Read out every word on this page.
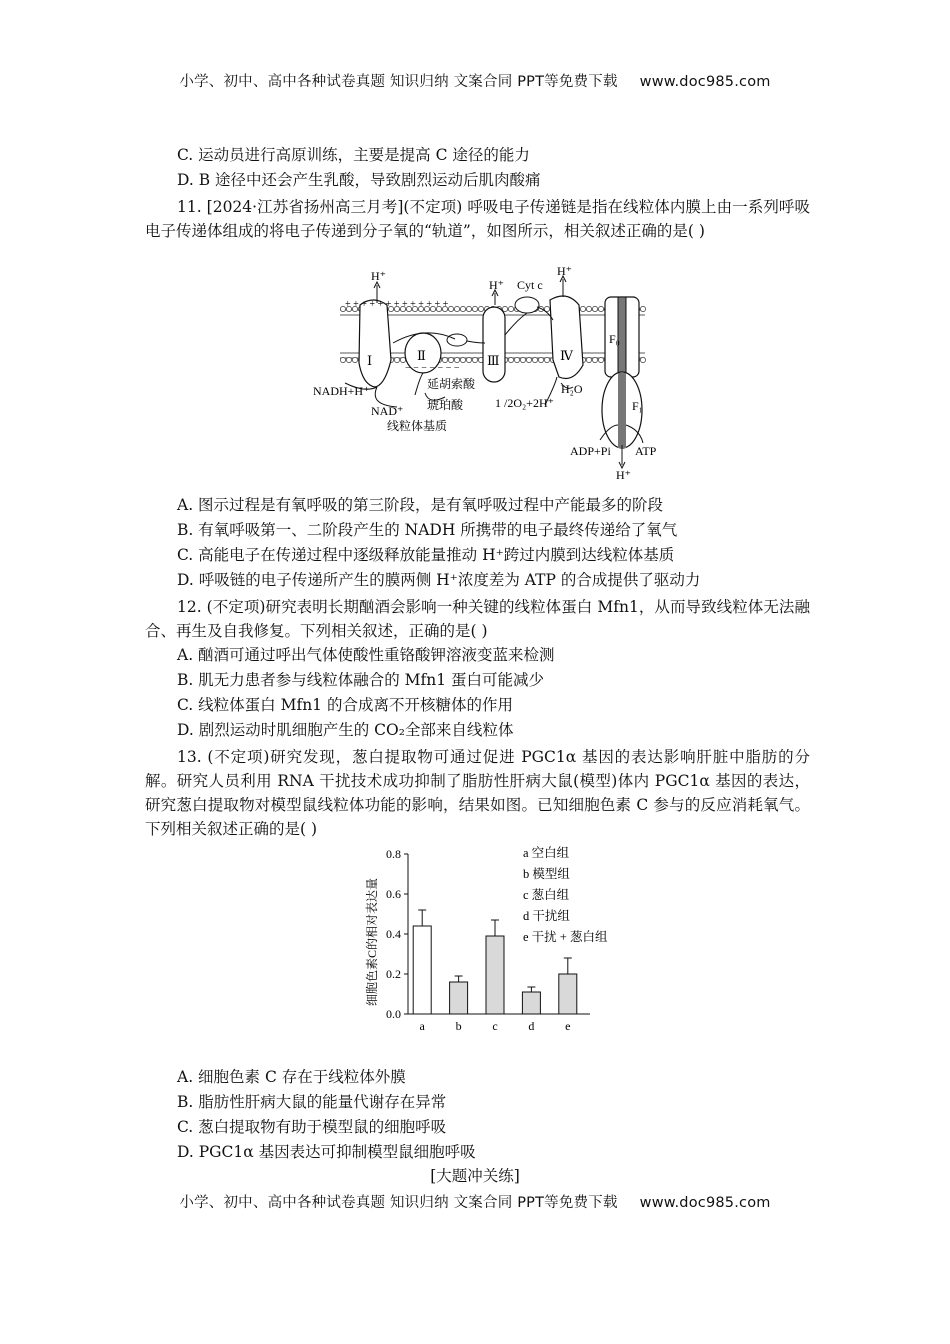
小学、初中、高中各种试卷真题 知识归纳 文案合同 PPT等免费下载 www.doc985.com
C. 运动员进行高原训练，主要是提高 C 途径的能力
D. B 途径中还会产生乳酸，导致剧烈运动后肌肉酸痛
11. [2024·江苏省扬州高三月考](不定项) 呼吸电子传递链是指在线粒体内膜上由一系列呼吸电子传递体组成的将电子传递到分子氧的“轨道”，如图所示，相关叙述正确的是( )
Ⅰ	Ⅱ	Ⅲ	Ⅳ
F₀
F₁
H⁺
H⁺
H⁺
H⁺
Cyt c
+ + + + + + + + + + + + +
− − − − − − −
NADH+H⁺
NAD⁺
延胡索酸
琥珀酸
线粒体基质
1 /2O₂+2H⁺
H₂O
ADP+Pi ATP
A. 图示过程是有氧呼吸的第三阶段，是有氧呼吸过程中产能最多的阶段
B. 有氧呼吸第一、二阶段产生的 NADH 所携带的电子最终传递给了氧气
C. 高能电子在传递过程中逐级释放能量推动 H⁺跨过内膜到达线粒体基质
D. 呼吸链的电子传递所产生的膜两侧 H⁺浓度差为 ATP 的合成提供了驱动力
12. (不定项)研究表明长期酗酒会影响一种关键的线粒体蛋白 Mfn1，从而导致线粒体无法融合、再生及自我修复。下列相关叙述，正确的是( )
A. 酗酒可通过呼出气体使酸性重铬酸钾溶液变蓝来检测
B. 肌无力患者参与线粒体融合的 Mfn1 蛋白可能减少
C. 线粒体蛋白 Mfn1 的合成离不开核糖体的作用
D. 剧烈运动时肌细胞产生的 CO₂全部来自线粒体
13. (不定项)研究发现，葱白提取物可通过促进 PGC1α 基因的表达影响肝脏中脂肪的分解。研究人员利用 RNA 干扰技术成功抑制了脂肪性肝病大鼠(模型)体内 PGC1α 基因的表达，研究葱白提取物对模型鼠线粒体功能的影响，结果如图。已知细胞色素 C 参与的反应消耗氧气。下列相关叙述正确的是( )
细胞色素C的相对表达量
0.0
0.2
0.4
0.6
0.8
a	b	c	d	e
a 空白组
b 模型组
c 葱白组
d 干扰组
e 干扰 + 葱白组
A. 细胞色素 C 存在于线粒体外膜
B. 脂肪性肝病大鼠的能量代谢存在异常
C. 葱白提取物有助于模型鼠的细胞呼吸
D. PGC1α 基因表达可抑制模型鼠细胞呼吸
[大题冲关练]
小学、初中、高中各种试卷真题 知识归纳 文案合同 PPT等免费下载 www.doc985.com
